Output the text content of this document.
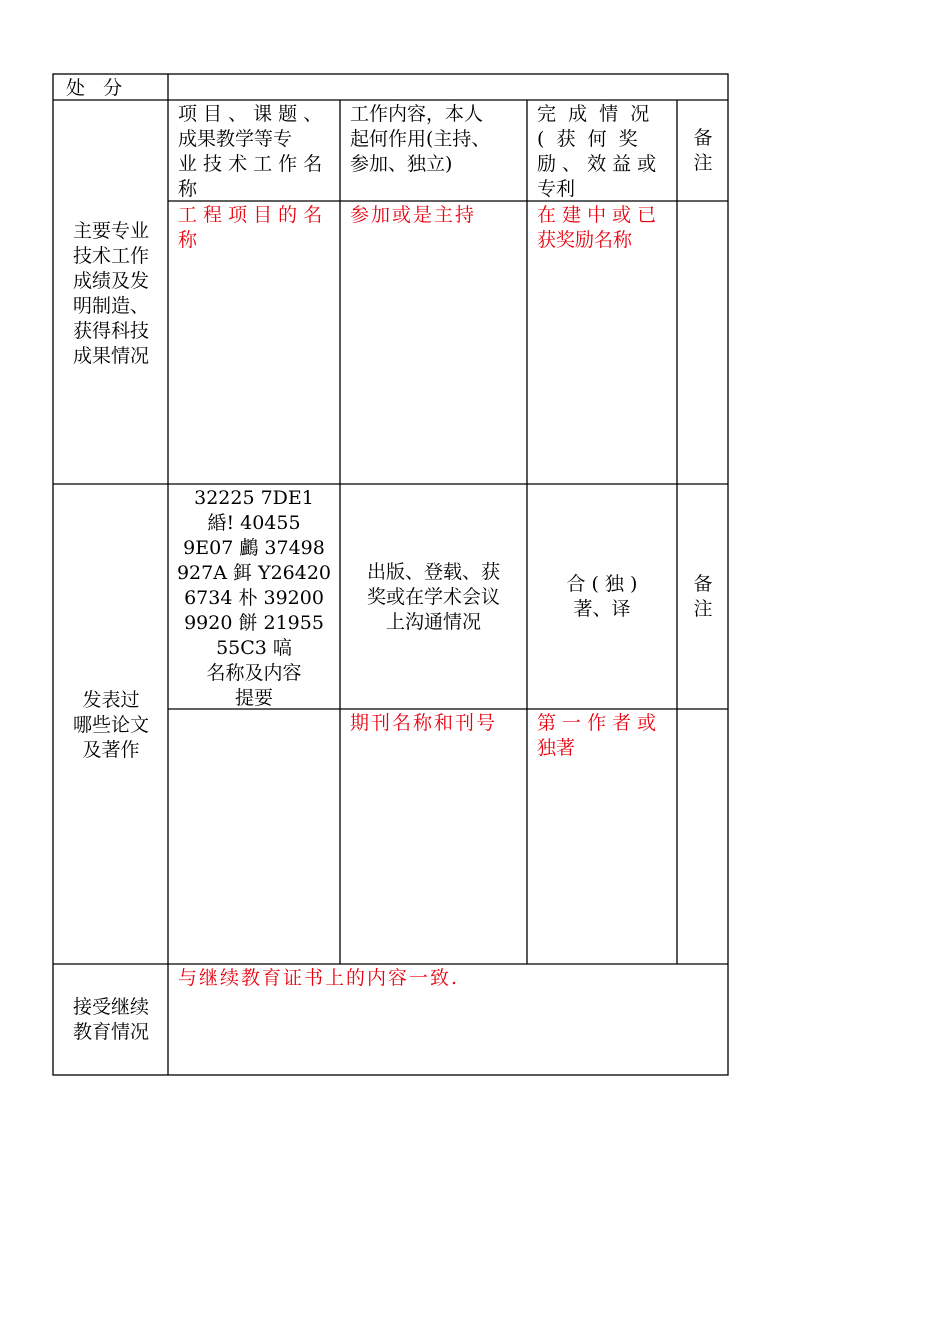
处   分
主要专业
技术工作
成绩及发
明制造、
获得科技
成果情况
项 目 、 课 题 、
成果教学等专
业 技 术 工 作 名
称
工作内容，本人
起何作用(主持、
参加、独立)
完  成  情  况
(  获  何  奖
励 、 效 益 或
专利
备
注
工 程 项 目 的 名
称
参加或是主持	在 建 中 或 已
获奖励名称
发表过
哪些论文
及著作
32225 7DE1
緍! 40455
9E07 鸕 37498
927A 鉺 Y26420
6734 朴 39200
9920 餅 21955
55C3 嗃
名称及内容
提要
出版、登载、获
奖或在学术会议
上沟通情况
合 ( 独 )
著、译
备
注
期刊名称和刊号	第 一 作 者 或
独著
接受继续
教育情况
与继续教育证书上的内容一致.
